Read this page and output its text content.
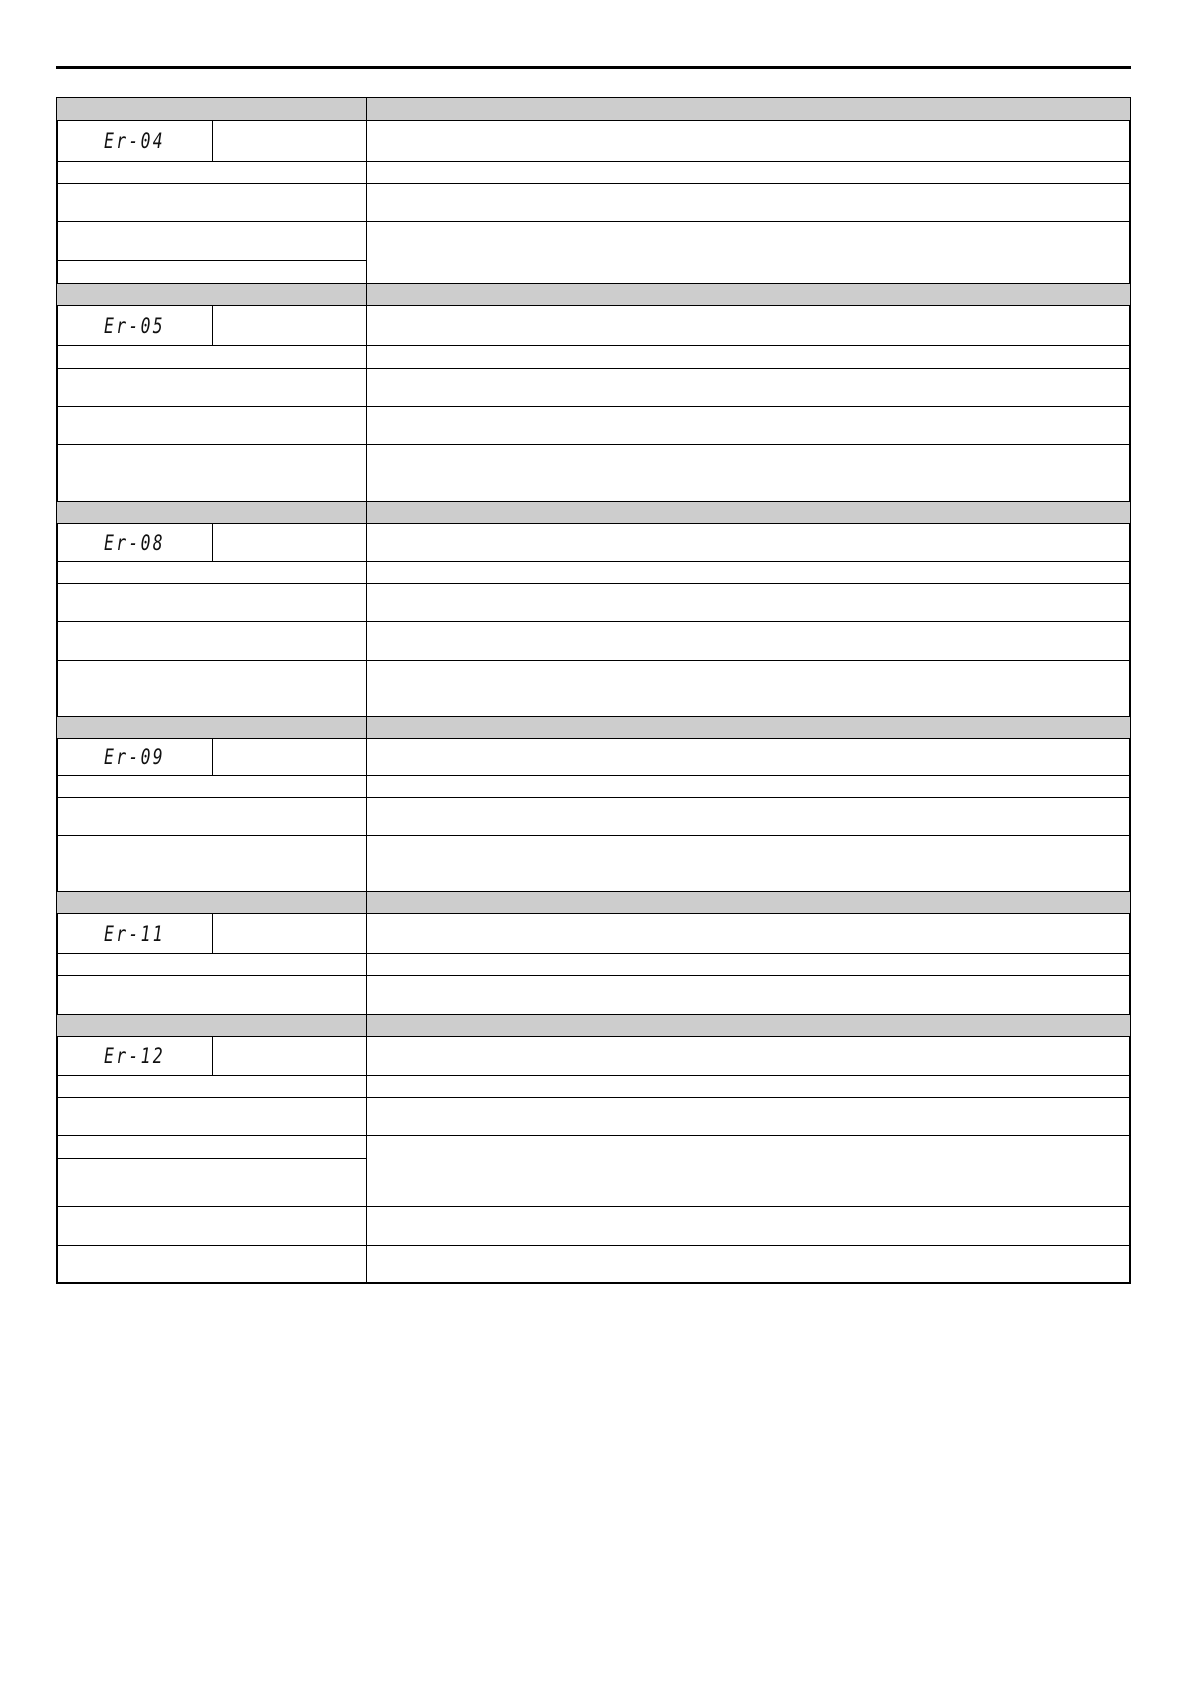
Er-04
Er-05
Er-08
Er-09
Er-11
Er-12
